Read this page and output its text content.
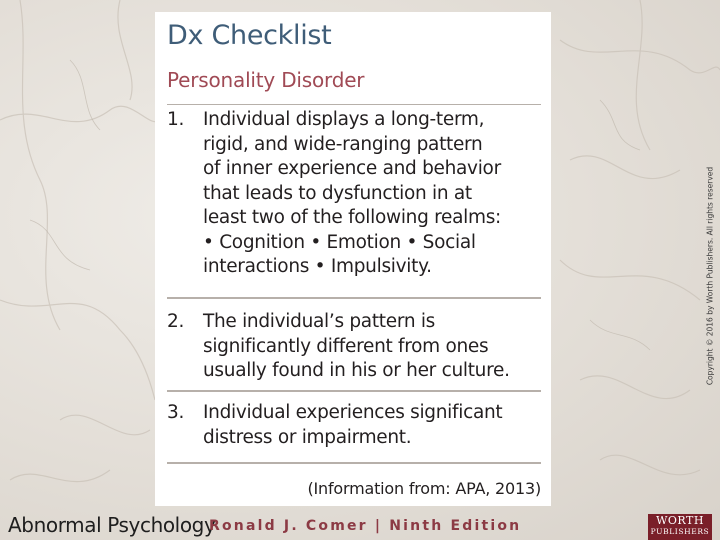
Dx Checklist
Personality Disorder
1. Individual displays a long-term,
rigid, and wide-ranging pattern
of inner experience and behavior
that leads to dysfunction in at
least two of the following realms:
• Cognition • Emotion • Social
interactions • Impulsivity.
2. The individual’s pattern is
significantly different from ones
usually found in his or her culture.
3. Individual experiences significant
distress or impairment.
(Information from: APA, 2013)
Copyright © 2016 by Worth Publishers. All rights reserved
Abnormal Psychology
Ronald J. Comer | Ninth Edition	WORTH
PUBLISHERS
